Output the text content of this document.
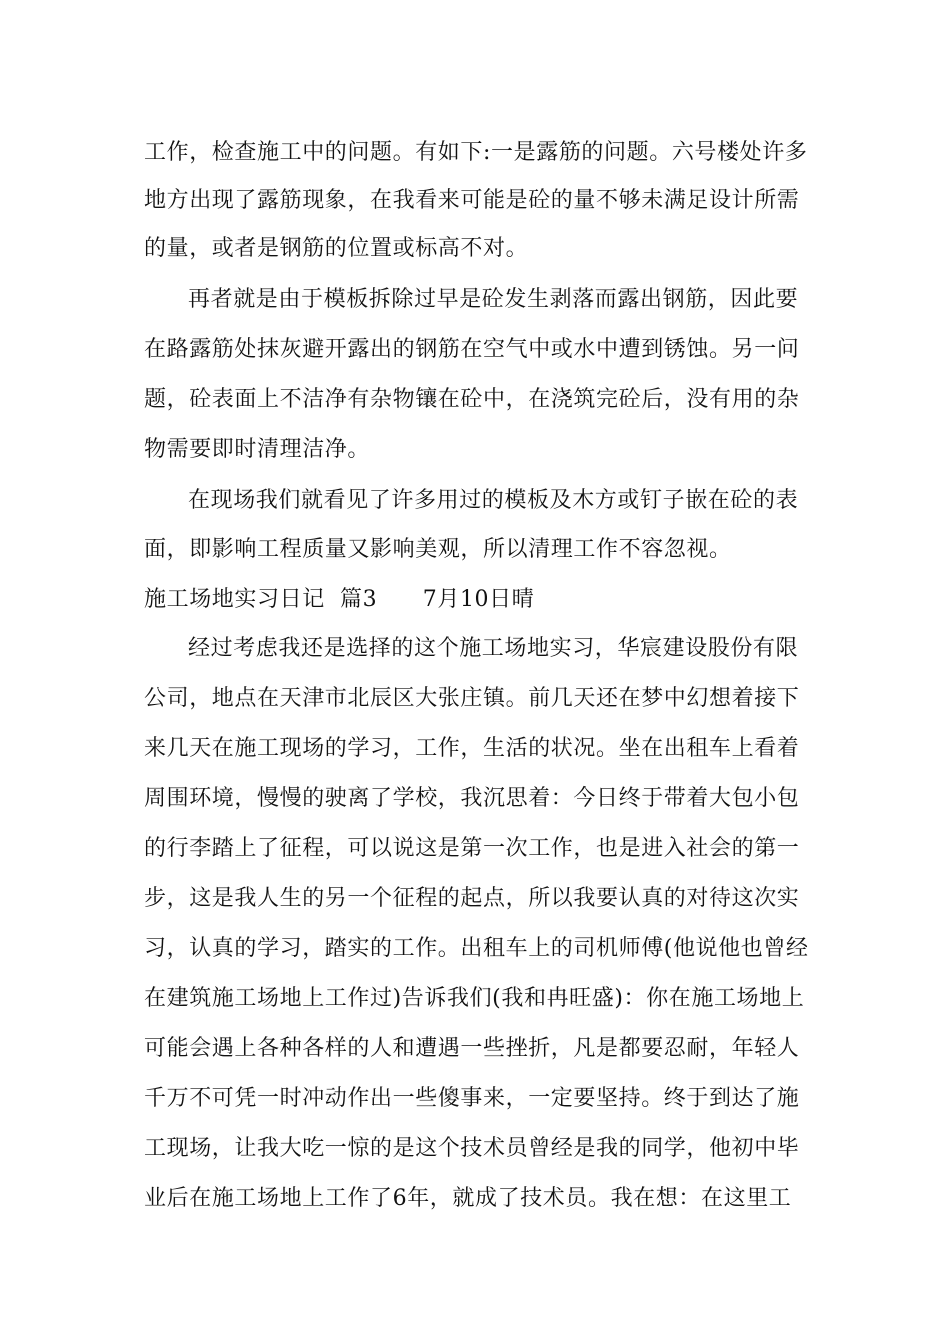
工作，检查施工中的问题。有如下:一是露筋的问题。六号楼处许多
地方出现了露筋现象，在我看来可能是砼的量不够未满足设计所需
的量，或者是钢筋的位置或标高不对。
再者就是由于模板拆除过早是砼发生剥落而露出钢筋，因此要
在路露筋处抹灰避开露出的钢筋在空气中或水中遭到锈蚀。另一问
题，砼表面上不洁净有杂物镶在砼中，在浇筑完砼后，没有用的杂
物需要即时清理洁净。
在现场我们就看见了许多用过的模板及木方或钉子嵌在砼的表
面，即影响工程质量又影响美观，所以清理工作不容忽视。
施工场地实习日记  篇3      7月10日晴
经过考虑我还是选择的这个施工场地实习，华宸建设股份有限
公司，地点在天津市北辰区大张庄镇。前几天还在梦中幻想着接下
来几天在施工现场的学习，工作，生活的状况。坐在出租车上看着
周围环境，慢慢的驶离了学校，我沉思着：今日终于带着大包小包
的行李踏上了征程，可以说这是第一次工作，也是进入社会的第一
步，这是我人生的另一个征程的起点，所以我要认真的对待这次实
习，认真的学习，踏实的工作。出租车上的司机师傅(他说他也曾经
在建筑施工场地上工作过)告诉我们(我和冉旺盛)：你在施工场地上
可能会遇上各种各样的人和遭遇一些挫折，凡是都要忍耐，年轻人
千万不可凭一时冲动作出一些傻事来，一定要坚持。终于到达了施
工现场，让我大吃一惊的是这个技术员曾经是我的同学，他初中毕
业后在施工场地上工作了6年，就成了技术员。我在想：在这里工
